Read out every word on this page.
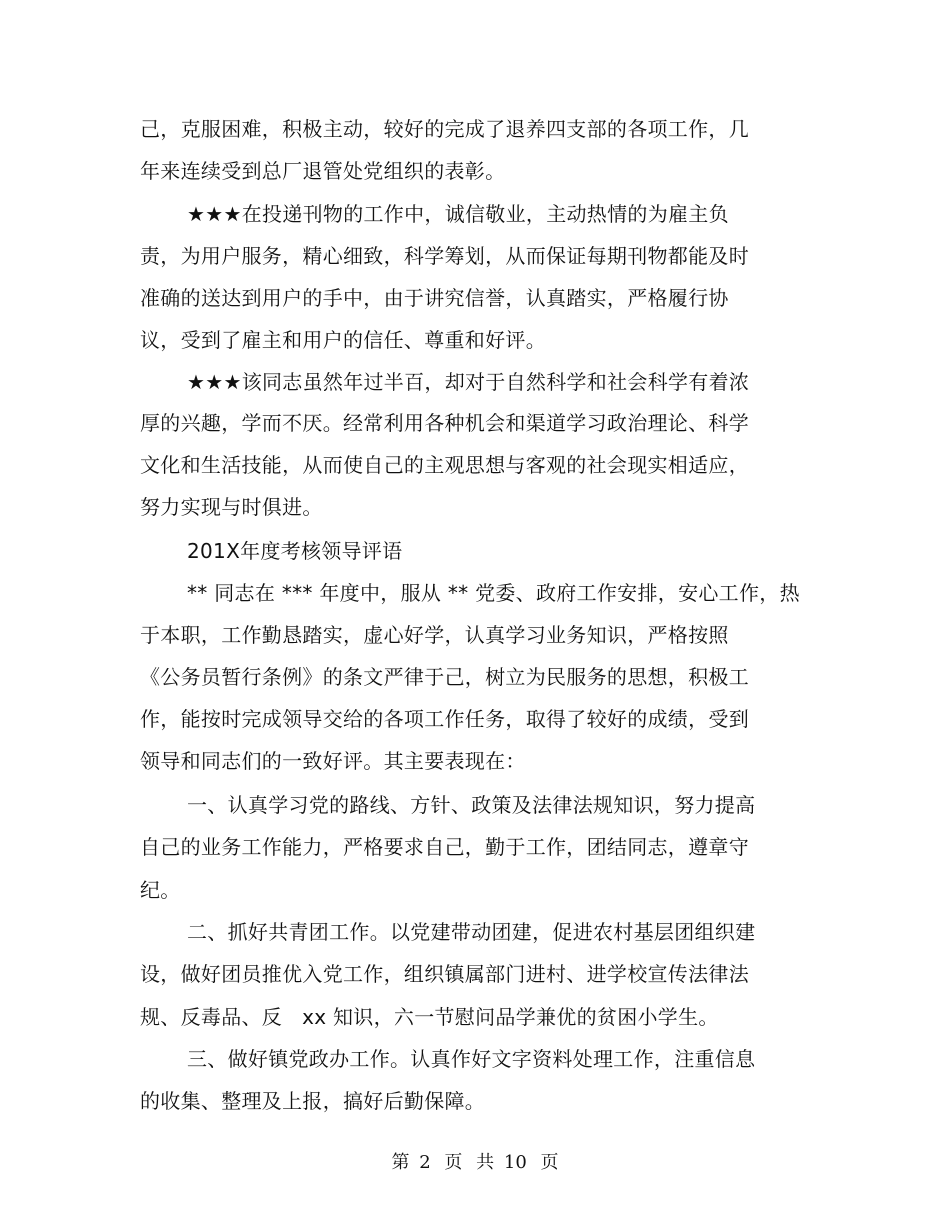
己，克服困难，积极主动，较好的完成了退养四支部的各项工作，几
年来连续受到总厂退管处党组织的表彰。
★★★在投递刊物的工作中，诚信敬业，主动热情的为雇主负
责，为用户服务，精心细致，科学筹划，从而保证每期刊物都能及时
准确的送达到用户的手中，由于讲究信誉，认真踏实，严格履行协
议，受到了雇主和用户的信任、尊重和好评。
★★★该同志虽然年过半百，却对于自然科学和社会科学有着浓
厚的兴趣，学而不厌。经常利用各种机会和渠道学习政治理论、科学
文化和生活技能，从而使自己的主观思想与客观的社会现实相适应，
努力实现与时俱进。
201X年度考核领导评语
** 同志在 *** 年度中，服从 ** 党委、政府工作安排，安心工作，热
于本职，工作勤恳踏实，虚心好学，认真学习业务知识，严格按照
《公务员暂行条例》的条文严律于己，树立为民服务的思想，积极工
作，能按时完成领导交给的各项工作任务，取得了较好的成绩，受到
领导和同志们的一致好评。其主要表现在：
一、认真学习党的路线、方针、政策及法律法规知识，努力提高
自己的业务工作能力，严格要求自己，勤于工作，团结同志，遵章守
纪。
二、抓好共青团工作。以党建带动团建，促进农村基层团组织建
设，做好团员推优入党工作，组织镇属部门进村、进学校宣传法律法
规、反毒品、反   xx 知识，六一节慰问品学兼优的贫困小学生。
三、做好镇党政办工作。认真作好文字资料处理工作，注重信息
的收集、整理及上报，搞好后勤保障。
第 2 页 共 10 页
